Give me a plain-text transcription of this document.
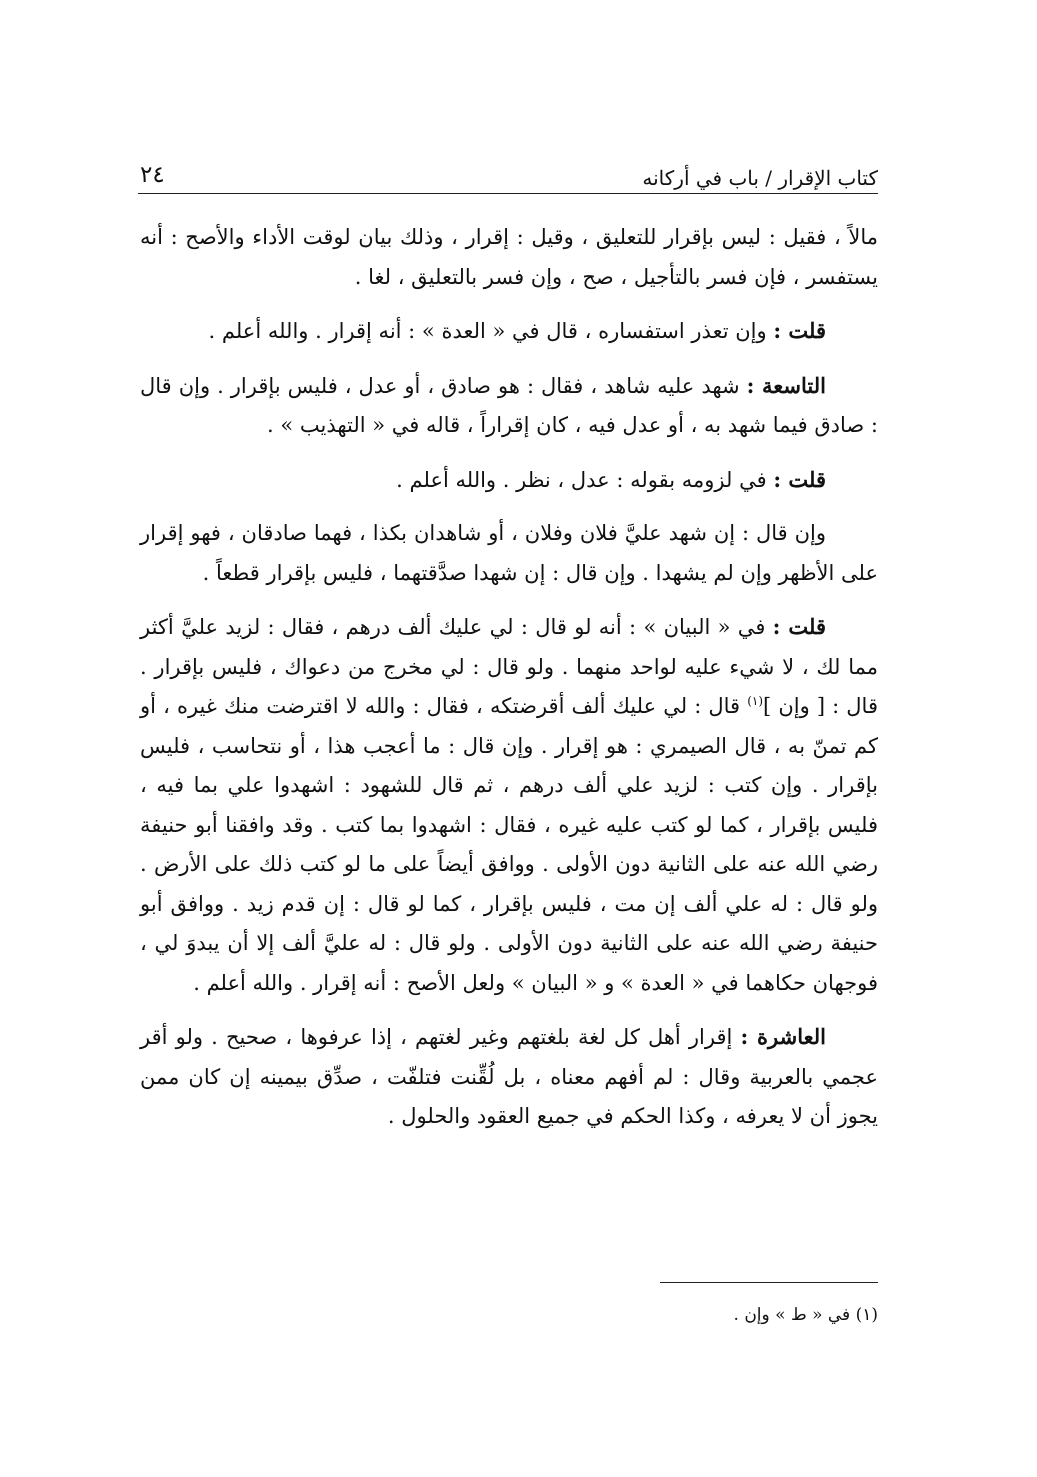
كتاب الإقرار / باب في أركانه
٢٤

مالاً ، فقيل : ليس بإقرار للتعليق ، وقيل : إقرار ، وذلك بيان لوقت الأداء والأصح : أنه يستفسر ، فإن فسر بالتأجيل ، صح ، وإن فسر بالتعليق ، لغا .

قلت : وإن تعذر استفساره ، قال في « العدة » : أنه إقرار . والله أعلم .

التاسعة : شهد عليه شاهد ، فقال : هو صادق ، أو عدل ، فليس بإقرار . وإن قال : صادق فيما شهد به ، أو عدل فيه ، كان إقراراً ، قاله في « التهذيب » .

قلت : في لزومه بقوله : عدل ، نظر . والله أعلم .

وإن قال : إن شهد عليَّ فلان وفلان ، أو شاهدان بكذا ، فهما صادقان ، فهو إقرار على الأظهر وإن لم يشهدا . وإن قال : إن شهدا صدَّقتهما ، فليس بإقرار قطعاً .

قلت : في « البيان » : أنه لو قال : لي عليك ألف درهم ، فقال : لزيد عليَّ أكثر مما لك ، لا شيء عليه لواحد منهما . ولو قال : لي مخرج من دعواك ، فليس بإقرار . قال : [ وإن ]$^{(١)}$ قال : لي عليك ألف أقرضتكه ، فقال : والله لا اقترضت منك غيره ، أو كم تمنّ به ، قال الصيمري : هو إقرار . وإن قال : ما أعجب هذا ، أو نتحاسب ، فليس بإقرار . وإن كتب : لزيد علي ألف درهم ، ثم قال للشهود : اشهدوا علي بما فيه ، فليس بإقرار ، كما لو كتب عليه غيره ، فقال : اشهدوا بما كتب . وقد وافقنا أبو حنيفة رضي الله عنه على الثانية دون الأولى . ووافق أيضاً على ما لو كتب ذلك على الأرض . ولو قال : له علي ألف إن مت ، فليس بإقرار ، كما لو قال : إن قدم زيد . ووافق أبو حنيفة رضي الله عنه على الثانية دون الأولى . ولو قال : له عليَّ ألف إلا أن يبدوَ لي ، فوجهان حكاهما في « العدة » و « البيان » ولعل الأصح : أنه إقرار . والله أعلم .

العاشرة : إقرار أهل كل لغة بلغتهم وغير لغتهم ، إذا عرفوها ، صحيح . ولو أقر عجمي بالعربية وقال : لم أفهم معناه ، بل لُقِّنت فتلفّت ، صدِّق بيمينه إن كان ممن يجوز أن لا يعرفه ، وكذا الحكم في جميع العقود والحلول .

(١) في « ط » وإن .
